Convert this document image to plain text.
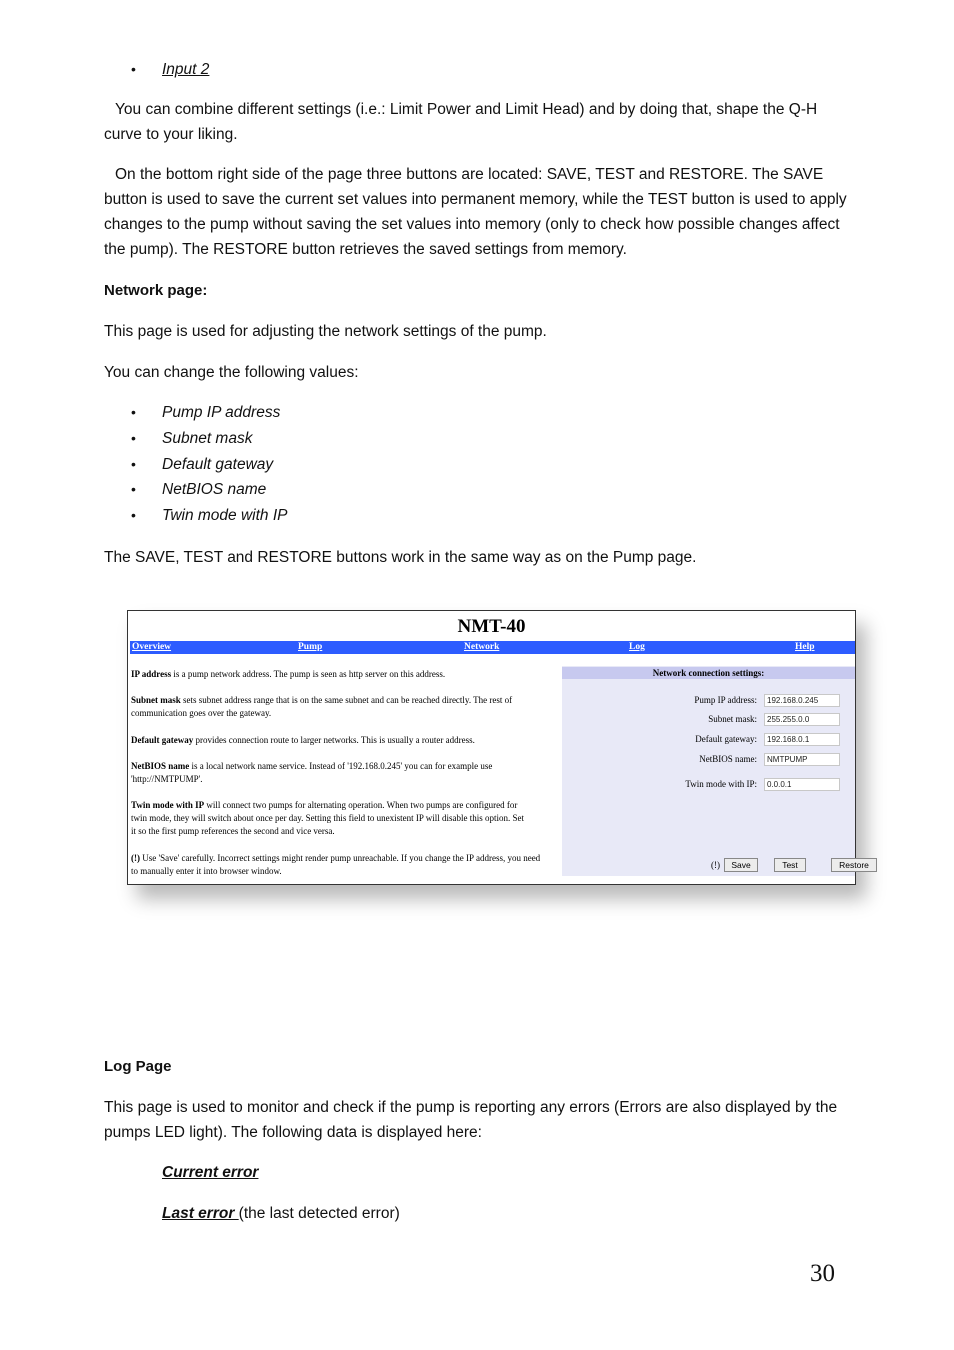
• Input 2

You can combine different settings (i.e.: Limit Power and Limit Head) and by doing that, shape the Q-H curve to your liking.

On the bottom right side of the page three buttons are located: SAVE, TEST and RESTORE. The SAVE button is used to save the current set values into permanent memory, while the TEST button is used to apply changes to the pump without saving the set values into memory (only to check how possible changes affect the pump). The RESTORE button retrieves the saved settings from memory.

Network page:

This page is used for adjusting the network settings of the pump.

You can change the following values:

• Pump IP address
• Subnet mask
• Default gateway
• NetBIOS name
• Twin mode with IP

The SAVE, TEST and RESTORE buttons work in the same way as on the Pump page.

NMT-40
Overview	Pump	Network	Log	Help
IP address is a pump network address. The pump is seen as http server on this address.
Subnet mask sets subnet address range that is on the same subnet and can be reached directly. The rest of communication goes over the gateway.
Default gateway provides connection route to larger networks. This is usually a router address.
NetBIOS name is a local network name service. Instead of '192.168.0.245' you can for example use 'http://NMTPUMP'.
Twin mode with IP will connect two pumps for alternating operation. When two pumps are configured for twin mode, they will switch about once per day. Setting this field to unexistent IP will disable this option. Set it so the first pump references the second and vice versa.
(!) Use 'Save' carefully. Incorrect settings might render pump unreachable. If you change the IP address, you need to manually enter it into browser window.
Network connection settings:
Pump IP address:	192.168.0.245
Subnet mask:	255.255.0.0
Default gateway:	192.168.0.1
NetBIOS name:	NMTPUMP
Twin mode with IP:	0.0.0.1
(!)	Save	Test	Restore

Log Page

This page is used to monitor and check if the pump is reporting any errors (Errors are also displayed by the pumps LED light). The following data is displayed here:

Current error

Last error (the last detected error)

30
